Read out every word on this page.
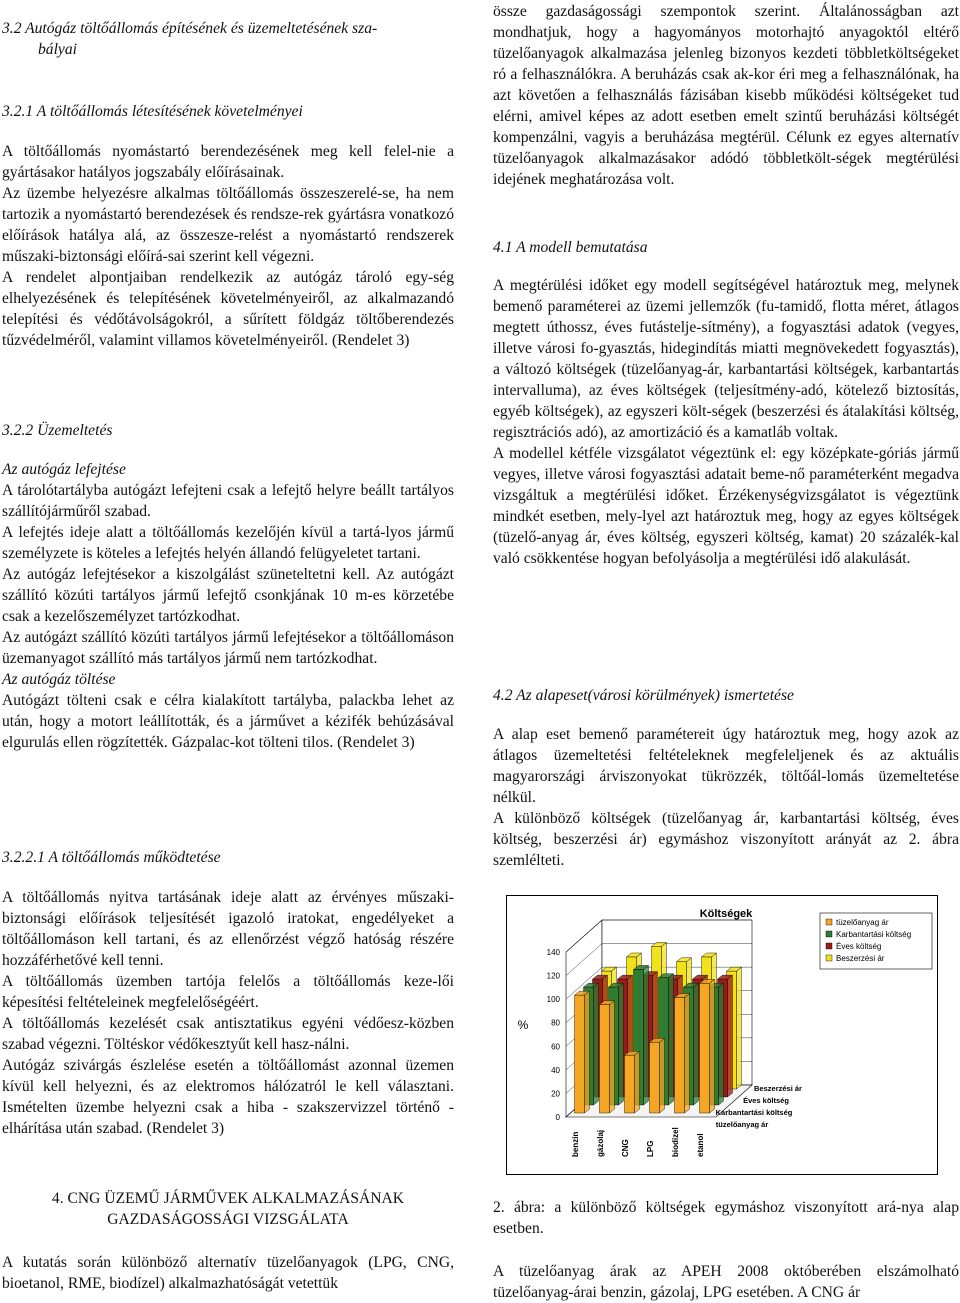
3.2 Autógáz töltőállomás építésének és üzemeltetésének sza-
bályai

3.2.1 A töltőállomás létesítésének követelményei

A töltőállomás nyomástartó berendezésének meg kell felel-nie a gyártásakor hatályos jogszabály előírásainak.

Az üzembe helyezésre alkalmas töltőállomás összeszerelé-se, ha nem tartozik a nyomástartó berendezések és rendsze-rek gyártásra vonatkozó előírások hatálya alá, az összesze-relést a nyomástartó rendszerek műszaki-biztonsági előírá-sai szerint kell végezni.

A rendelet alpontjaiban rendelkezik az autógáz tároló egy-ség elhelyezésének és telepítésének követelményeiről, az alkalmazandó telepítési és védőtávolságokról, a sűrített földgáz töltőberendezés tűzvédelméről, valamint villamos követelményeiről. (Rendelet 3)

3.2.2 Üzemeltetés

Az autógáz lefejtése

A tárolótartályba autógázt lefejteni csak a lefejtő helyre beállt tartályos szállítójárműről szabad.

A lefejtés ideje alatt a töltőállomás kezelőjén kívül a tartá-lyos jármű személyzete is köteles a lefejtés helyén állandó felügyeletet tartani.

Az autógáz lefejtésekor a kiszolgálást szüneteltetni kell. Az autógázt szállító közúti tartályos jármű lefejtő csonkjának 10 m-es körzetébe csak a kezelőszemélyzet tartózkodhat.

Az autógázt szállító közúti tartályos jármű lefejtésekor a töltőállomáson üzemanyagot szállító más tartályos jármű nem tartózkodhat.

Az autógáz töltése

Autógázt tölteni csak e célra kialakított tartályba, palackba lehet az után, hogy a motort leállították, és a járművet a kézifék behúzásával elgurulás ellen rögzítették. Gázpalac-kot tölteni tilos. (Rendelet 3)

3.2.2.1 A töltőállomás működtetése

A töltőállomás nyitva tartásának ideje alatt az érvényes műszaki-biztonsági előírások teljesítését igazoló iratokat, engedélyeket a töltőállomáson kell tartani, és az ellenőrzést végző hatóság részére hozzáférhetővé kell tenni.

A töltőállomás üzemben tartója felelős a töltőállomás keze-lői képesítési feltételeinek megfelelőségéért.

A töltőállomás kezelését csak antisztatikus egyéni védőesz-közben szabad végezni. Töltéskor védőkesztyűt kell hasz-nálni.

Autógáz szivárgás észlelése esetén a töltőállomást azonnal üzemen kívül kell helyezni, és az elektromos hálózatról le kell választani. Ismételten üzembe helyezni csak a hiba - szakszervizzel történő - elhárítása után szabad. (Rendelet 3)

4. CNG ÜZEMŰ JÁRMŰVEK ALKALMAZÁSÁNAK
GAZDASÁGOSSÁGI VIZSGÁLATA

A kutatás során különböző alternatív tüzelőanyagok (LPG, CNG, bioetanol, RME, biodízel) alkalmazhatóságát vetettük

össze gazdaságossági szempontok szerint. Általánosságban azt mondhatjuk, hogy a hagyományos motorhajtó anyagoktól eltérő tüzelőanyagok alkalmazása jelenleg bizonyos kezdeti többletköltségeket ró a felhasználókra. A beruházás csak ak-kor éri meg a felhasználónak, ha azt követően a felhasználás fázisában kisebb működési költségeket tud elérni, amivel képes az adott esetben emelt szintű beruházási költségét kompenzálni, vagyis a beruházása megtérül. Célunk ez egyes alternatív tüzelőanyagok alkalmazásakor adódó többletkölt-ségek megtérülési idejének meghatározása volt.

4.1 A modell bemutatása

A megtérülési időket egy modell segítségével határoztuk meg, melynek bemenő paraméterei az üzemi jellemzők (fu-tamidő, flotta méret, átlagos megtett úthossz, éves futásteljе-sítmény), a fogyasztási adatok (vegyes, illetve városi fo-gyasztás, hidegindítás miatti megnövekedett fogyasztás), a változó költségek (tüzelőanyag-ár, karbantartási költségek, karbantartás intervalluma), az éves költségek (teljesítmény-adó, kötelező biztosítás, egyéb költségek), az egyszeri költ-ségek (beszerzési és átalakítási költség, regisztrációs adó), az amortizáció és a kamatláb voltak.

A modellel kétféle vizsgálatot végeztünk el: egy középkate-góriás jármű vegyes, illetve városi fogyasztási adatait beme-nő paraméterként megadva vizsgáltuk a megtérülési időket. Érzékenységvizsgálatot is végeztünk mindkét esetben, mely-lyel azt határoztuk meg, hogy az egyes költségek (tüzelő-anyag ár, éves költség, egyszeri költség, kamat) 20 százalék-kal való csökkentése hogyan befolyásolja a megtérülési idő alakulását.

4.2 Az alapeset(városi körülmények) ismertetése

A alap eset bemenő paramétereit úgy határoztuk meg, hogy azok az átlagos üzemeltetési feltételeknek megfeleljenek és az aktuális magyarországi árviszonyokat tükrözzék, töltőál-lomás üzemeltetése nélkül.

A különböző költségek (tüzelőanyag ár, karbantartási költség, éves költség, beszerzési ár) egymáshoz viszonyított arányát az 2. ábra szemlélteti.

0
20
40
60
80
100
120
140
benzin gázolaj CNG LPG biodízel etanol
Beszerzési ár
Éves költség
Karbantartási költség
tüzelőanyag ár
Költségek
%
tüzelőanyag ár
Karbantartási költség
Éves költség
Beszerzési ár

2. ábra: a különböző költségek egymáshoz viszonyított ará-nya alap esetben.

A tüzelőanyag árak az APEH 2008 októberében elszámolható tüzelőanyag-árai benzin, gázolaj, LPG esetében. A CNG ár
